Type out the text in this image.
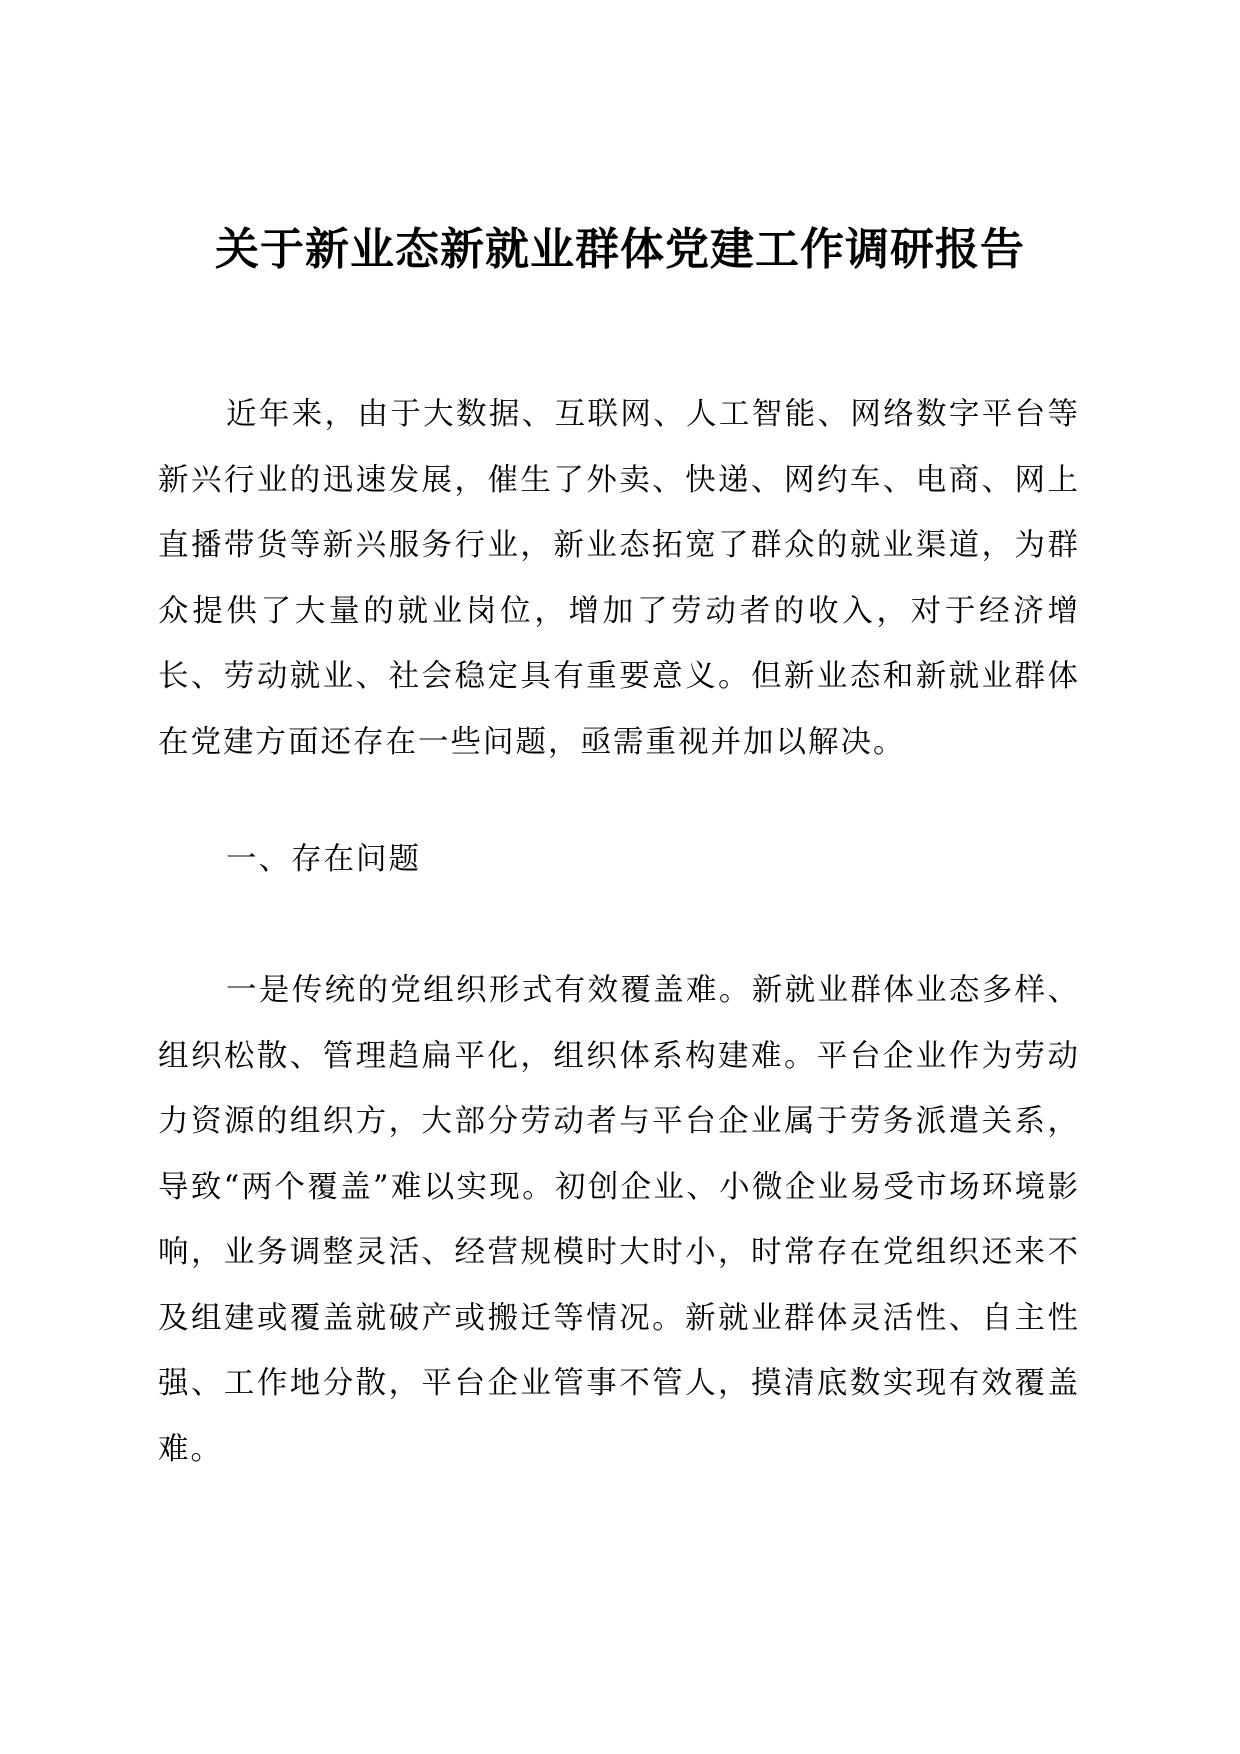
关于新业态新就业群体党建工作调研报告

近年来，由于大数据、互联网、人工智能、网络数字平台等新兴行业的迅速发展，催生了外卖、快递、网约车、电商、网上直播带货等新兴服务行业，新业态拓宽了群众的就业渠道，为群众提供了大量的就业岗位，增加了劳动者的收入，对于经济增长、劳动就业、社会稳定具有重要意义。但新业态和新就业群体在党建方面还存在一些问题，亟需重视并加以解决。

一、存在问题

一是传统的党组织形式有效覆盖难。新就业群体业态多样、组织松散、管理趋扁平化，组织体系构建难。平台企业作为劳动力资源的组织方，大部分劳动者与平台企业属于劳务派遣关系，导致“两个覆盖”难以实现。初创企业、小微企业易受市场环境影响，业务调整灵活、经营规模时大时小，时常存在党组织还来不及组建或覆盖就破产或搬迁等情况。新就业群体灵活性、自主性强、工作地分散，平台企业管事不管人，摸清底数实现有效覆盖难。
